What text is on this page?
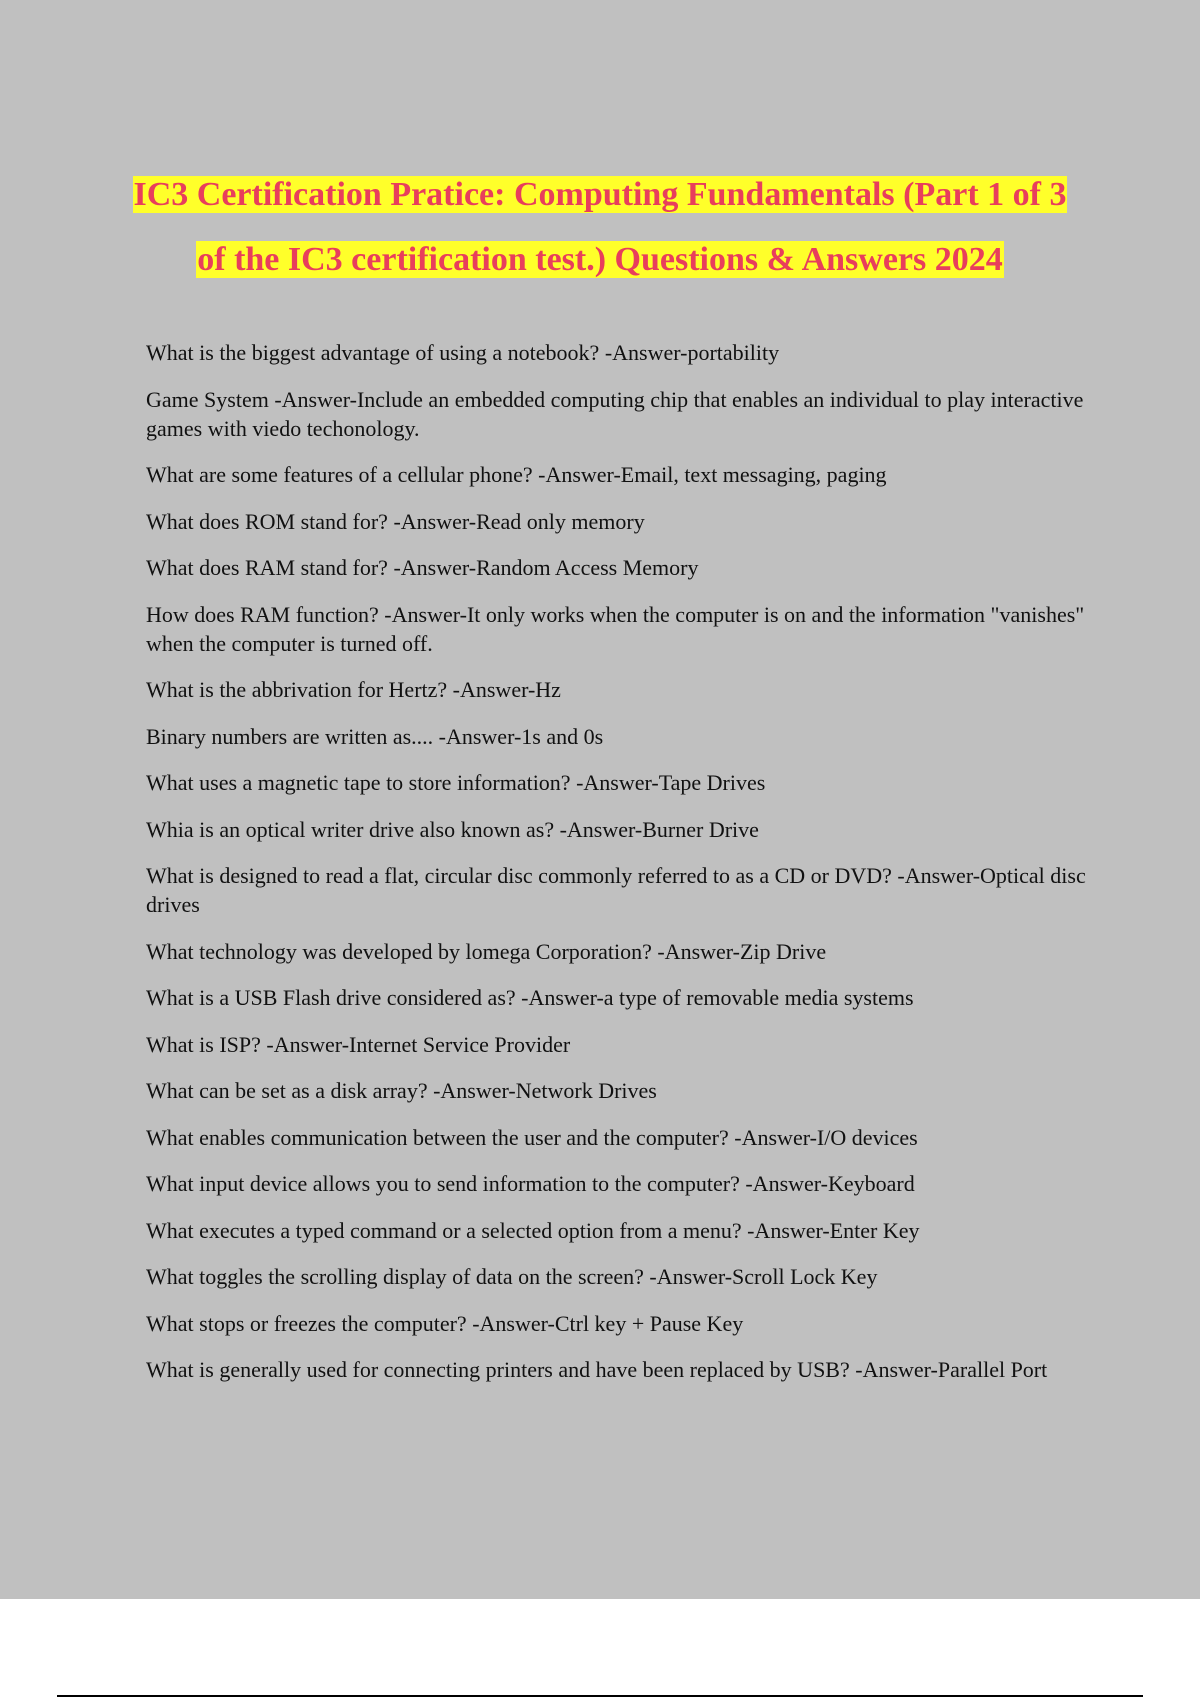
IC3 Certification Pratice: Computing Fundamentals (Part 1 of 3
of the IC3 certification test.) Questions & Answers 2024
What is the biggest advantage of using a notebook? -Answer-portability
Game System -Answer-Include an embedded computing chip that enables an individual to play interactive games with viedo techonology.
What are some features of a cellular phone? -Answer-Email, text messaging, paging
What does ROM stand for? -Answer-Read only memory
What does RAM stand for? -Answer-Random Access Memory
How does RAM function? -Answer-It only works when the computer is on and the information "vanishes" when the computer is turned off.
What is the abbrivation for Hertz? -Answer-Hz
Binary numbers are written as.... -Answer-1s and 0s
What uses a magnetic tape to store information? -Answer-Tape Drives
Whia is an optical writer drive also known as? -Answer-Burner Drive
What is designed to read a flat, circular disc commonly referred to as a CD or DVD? -Answer-Optical disc drives
What technology was developed by lomega Corporation? -Answer-Zip Drive
What is a USB Flash drive considered as? -Answer-a type of removable media systems
What is ISP? -Answer-Internet Service Provider
What can be set as a disk array? -Answer-Network Drives
What enables communication between the user and the computer? -Answer-I/O devices
What input device allows you to send information to the computer? -Answer-Keyboard
What executes a typed command or a selected option from a menu? -Answer-Enter Key
What toggles the scrolling display of data on the screen? -Answer-Scroll Lock Key
What stops or freezes the computer? -Answer-Ctrl key + Pause Key
What is generally used for connecting printers and have been replaced by USB? -Answer-Parallel Port
